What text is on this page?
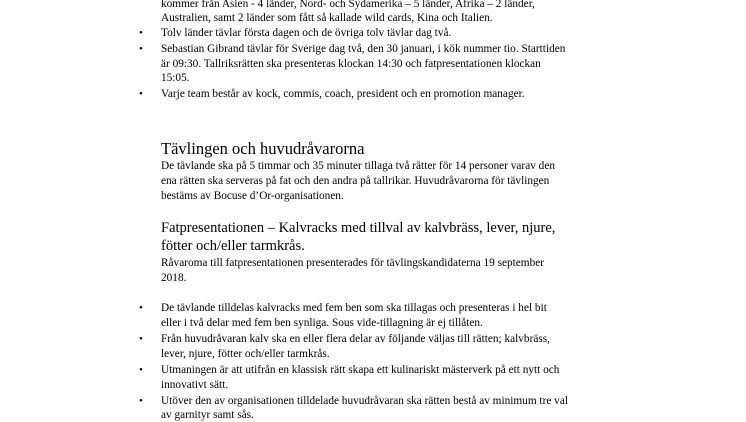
kommer från Asien - 4 länder, Nord- och Sydamerika – 5 länder, Afrika – 2 länder,
Australien, samt 2 länder som fått så kallade wild cards, Kina och Italien.
• Tolv länder tävlar första dagen och de övriga tolv tävlar dag två.
• Sebastian Gibrand tävlar för Sverige dag två, den 30 januari, i kök nummer tio. Starttiden
är 09:30. Tallriksrätten ska presenteras klockan 14:30 och fatpresentationen klockan
15:05.
• Varje team består av kock, commis, coach, president och en promotion manager.
Tävlingen och huvudråvarorna
De tävlande ska på 5 timmar och 35 minuter tillaga två rätter för 14 personer varav den
ena rätten ska serveras på fat och den andra på tallrikar. Huvudråvarorna för tävlingen
bestäms av Bocuse d’Or-organisationen.
Fatpresentationen – Kalvracks med tillval av kalvbräss, lever, njure,
fötter och/eller tarmkrås.
Råvaroma till fatpresentationen presenterades för tävlingskandidaterna 19 september
2018.
• De tävlande tilldelas kalvracks med fem ben som ska tillagas och presenteras i hel bit
eller i två delar med fem ben synliga. Sous vide-tillagning är ej tillåten.
• Från huvudråvaran kalv ska en eller flera delar av följande väljas till rätten; kalvbräss,
lever, njure, fötter och/eller tarmkrås.
• Utmaningen är att utifrån en klassisk rätt skapa ett kulinariskt mästerverk på ett nytt och
innovativt sätt.
• Utöver den av organisationen tilldelade huvudråvaran ska rätten bestå av minimum tre val
av garnityr samt sås.
